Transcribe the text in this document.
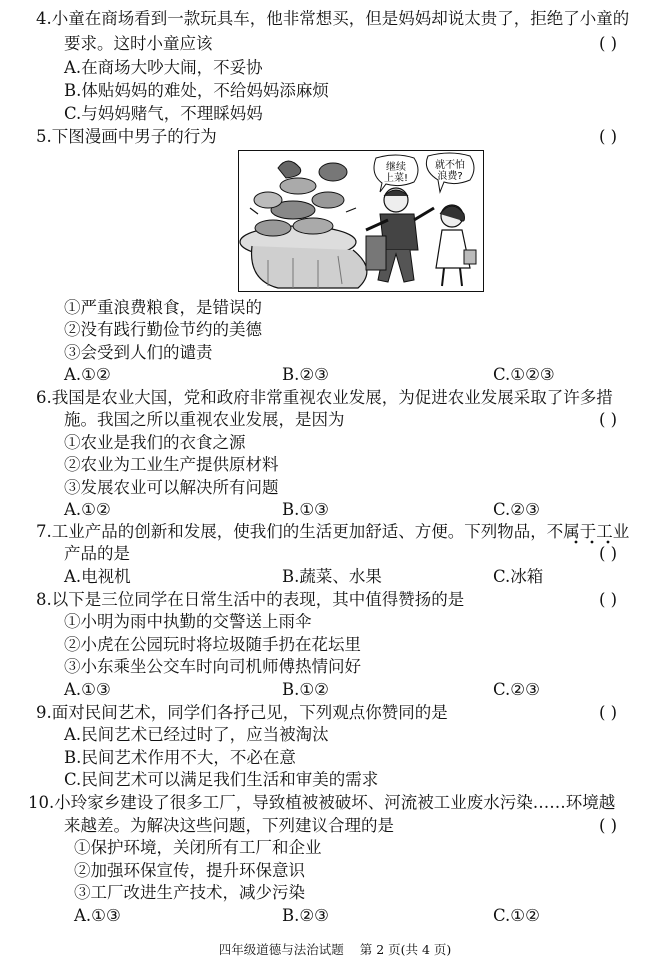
4.小童在商场看到一款玩具车，他非常想买，但是妈妈却说太贵了，拒绝了小童的
要求。这时小童应该	( )
A.在商场大吵大闹，不妥协
B.体贴妈妈的难处，不给妈妈添麻烦
C.与妈妈赌气，不理睬妈妈
5.下图漫画中男子的行为	( )
继续
上菜!
就不怕
浪费?
①严重浪费粮食，是错误的
②没有践行勤俭节约的美德
③会受到人们的谴责
A.①②	B.②③	C.①②③
6.我国是农业大国，党和政府非常重视农业发展，为促进农业发展采取了许多措
施。我国之所以重视农业发展，是因为	( )
①农业是我们的衣食之源
②农业为工业生产提供原材料
③发展农业可以解决所有问题
A.①②	B.①③	C.②③
7.工业产品的创新和发展，使我们的生活更加舒适、方便。下列物品，不属于工业
产品的是	( )
A.电视机	B.蔬菜、水果	C.冰箱
8.以下是三位同学在日常生活中的表现，其中值得赞扬的是	( )
①小明为雨中执勤的交警送上雨伞
②小虎在公园玩时将垃圾随手扔在花坛里
③小东乘坐公交车时向司机师傅热情问好
A.①③	B.①②	C.②③
9.面对民间艺术，同学们各抒己见，下列观点你赞同的是	( )
A.民间艺术已经过时了，应当被淘汰
B.民间艺术作用不大，不必在意
C.民间艺术可以满足我们生活和审美的需求
10.小玲家乡建设了很多工厂，导致植被被破坏、河流被工业废水污染……环境越
来越差。为解决这些问题，下列建议合理的是	( )
①保护环境，关闭所有工厂和企业
②加强环保宣传，提升环保意识
③工厂改进生产技术，减少污染
A.①③	B.②③	C.①②
四年级道德与法治试题 第 2 页(共 4 页)
